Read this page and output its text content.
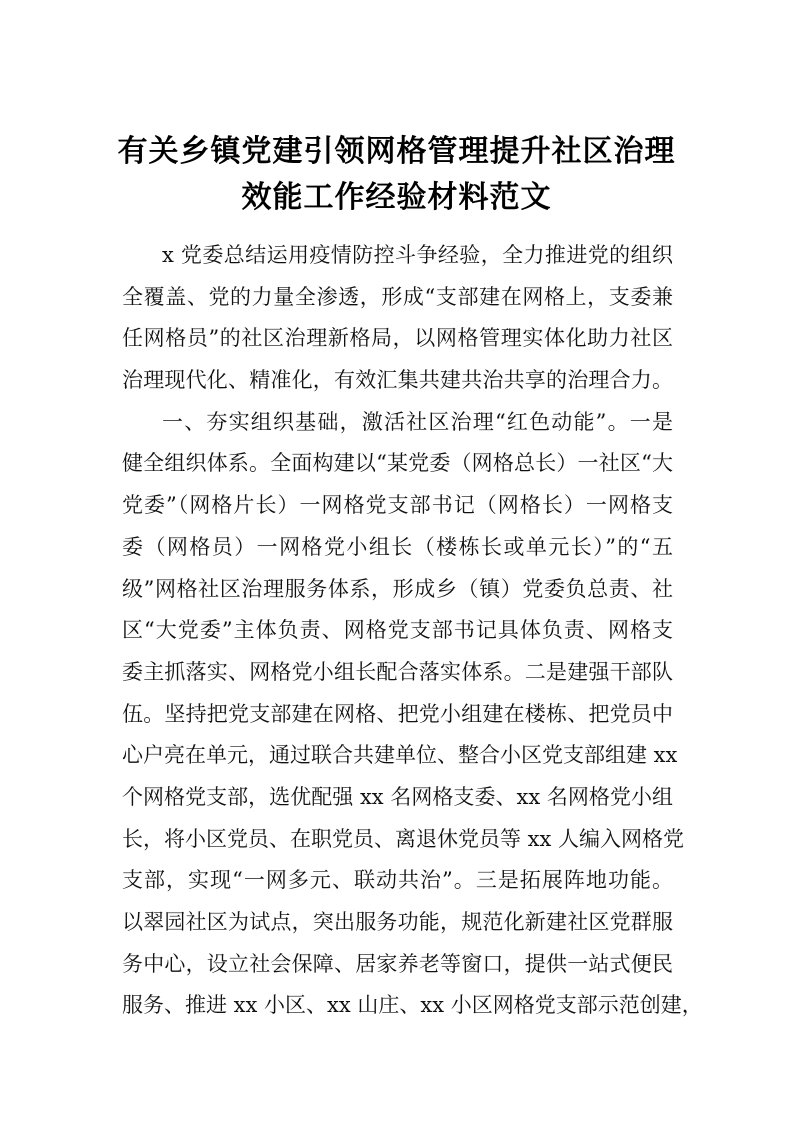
有关乡镇党建引领网格管理提升社区治理
效能工作经验材料范文
x 党委总结运用疫情防控斗争经验，全力推进党的组织
全覆盖、党的力量全渗透，形成“支部建在网格上，支委兼
任网格员”的社区治理新格局，以网格管理实体化助力社区
治理现代化、精准化，有效汇集共建共治共享的治理合力。
一、夯实组织基础，激活社区治理“红色动能”。一是
健全组织体系。全面构建以“某党委（网格总长）一社区“大
党委”（网格片长）一网格党支部书记（网格长）一网格支
委（网格员）一网格党小组长（楼栋长或单元长）”的“五
级”网格社区治理服务体系，形成乡（镇）党委负总责、社
区“大党委”主体负责、网格党支部书记具体负责、网格支
委主抓落实、网格党小组长配合落实体系。二是建强干部队
伍。坚持把党支部建在网格、把党小组建在楼栋、把党员中
心户亮在单元，通过联合共建单位、整合小区党支部组建 xx
个网格党支部，选优配强 xx 名网格支委、xx 名网格党小组
长，将小区党员、在职党员、离退休党员等 xx 人编入网格党
支部，实现“一网多元、联动共治”。三是拓展阵地功能。
以翠园社区为试点，突出服务功能，规范化新建社区党群服
务中心，设立社会保障、居家养老等窗口，提供一站式便民
服务、推进 xx 小区、xx 山庄、xx 小区网格党支部示范创建，
